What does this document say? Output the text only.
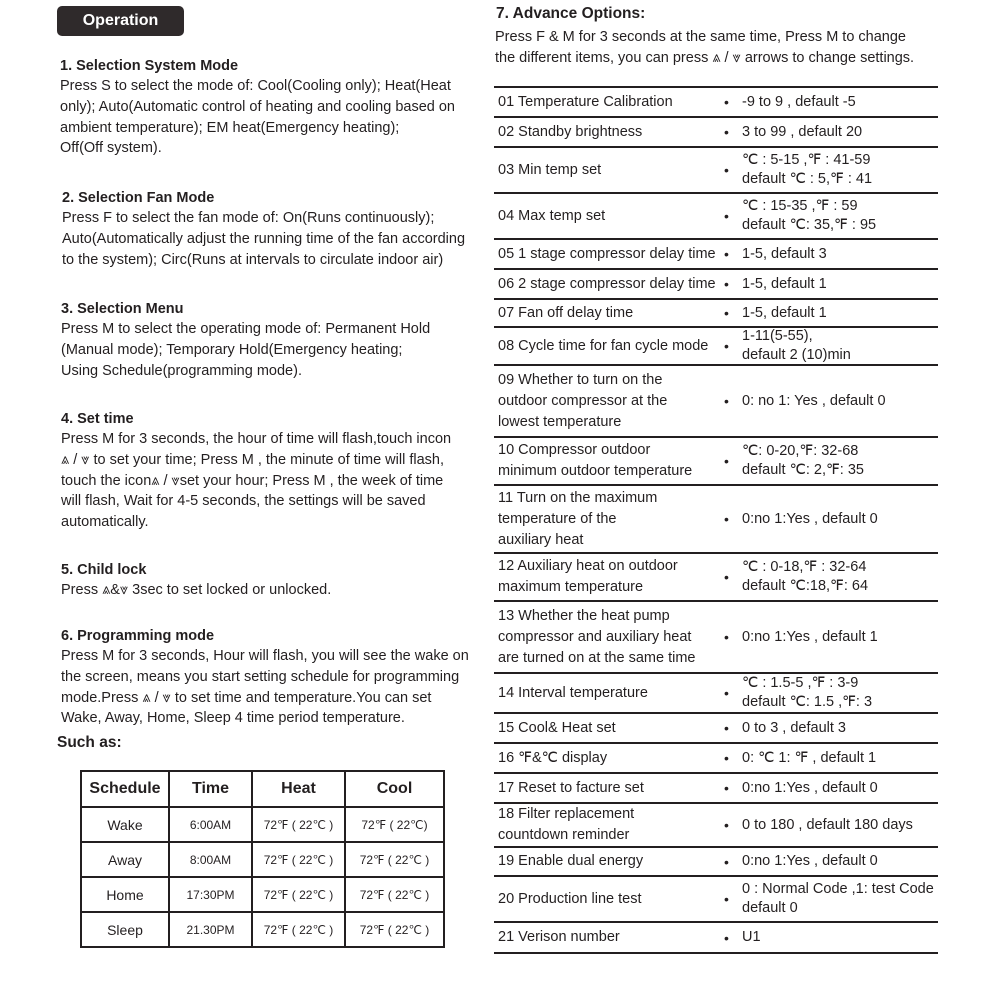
Operation
1. Selection System Mode
Press S to select the mode of: Cool(Cooling only); Heat(Heat
only); Auto(Automatic control of heating and cooling based on
ambient temperature); EM heat(Emergency heating);
Off(Off system).
2. Selection Fan Mode
Press F to select the fan mode of: On(Runs continuously);
Auto(Automatically adjust the running time of the fan according
to the system); Circ(Runs at intervals to circulate indoor air)
3. Selection Menu
Press M to select the operating mode of: Permanent Hold
(Manual mode); Temporary Hold(Emergency heating;
Using Schedule(programming mode).
4. Set time
Press M for 3 seconds, the hour of time will flash,touch incon
⩓ / ⩔ to set your time; Press M , the minute of time will flash,
touch the icon⩓ / ⩔set your hour; Press M , the week of time
will flash, Wait for 4-5 seconds, the settings will be saved
automatically.
5. Child lock
Press ⩓&⩔ 3sec to set locked or unlocked.
6. Programming mode
Press M for 3 seconds, Hour will flash, you will see the wake on
the screen, means you start setting schedule for programming
mode.Press ⩓ / ⩔ to set time and temperature.You can set
Wake, Away, Home, Sleep 4 time period temperature.
Such as:
Schedule	Time	Heat	Cool
Wake	6:00AM	72℉ ( 22℃ )	72℉ ( 22℃)
Away	8:00AM	72℉ ( 22℃ )	72℉ ( 22℃ )
Home	17:30PM	72℉ ( 22℃ )	72℉ ( 22℃ )
Sleep	21.30PM	72℉ ( 22℃ )	72℉ ( 22℃ )
7. Advance Options:
Press F & M for 3 seconds at the same time, Press M to change
the different items, you can press ⩓ / ⩔ arrows to change settings.
01 Temperature Calibration	• -9 to 9 , default -5
02 Standby brightness	• 3 to 99 , default 20
03 Min temp set	•
℃ : 5-15 ,℉ : 41-59
default ℃ : 5,℉ : 41
04 Max temp set	•
℃ : 15-35 ,℉ : 59
default ℃: 35,℉ : 95
05 1 stage compressor delay time • 1-5, default 3
06 2 stage compressor delay time • 1-5, default 1
07 Fan off delay time	• 1-5, default 1
08 Cycle time for fan cycle mode •
1-11(5-55),
default 2 (10)min
09 Whether to turn on the
outdoor compressor at the
lowest temperature
• 0: no 1: Yes , default 0
10 Compressor outdoor
minimum outdoor temperature
•
℃: 0-20,℉: 32-68
default ℃: 2,℉: 35
11 Turn on the maximum
temperature of the
auxiliary heat
• 0:no 1:Yes , default 0
12 Auxiliary heat on outdoor
maximum temperature
•
℃ : 0-18,℉ : 32-64
default ℃:18,℉: 64
13 Whether the heat pump
compressor and auxiliary heat
are turned on at the same time
• 0:no 1:Yes , default 1
14 Interval temperature	•
℃ : 1.5-5 ,℉ : 3-9
default ℃: 1.5 ,℉: 3
15 Cool& Heat set	• 0 to 3 , default 3
16 ℉&℃ display	• 0: ℃ 1: ℉ , default 1
17 Reset to facture set	• 0:no 1:Yes , default 0
18 Filter replacement
countdown reminder
• 0 to 180 , default 180 days
19 Enable dual energy	• 0:no 1:Yes , default 0
20 Production line test	•
0 : Normal Code ,1: test Code
default 0
21 Verison number	• U1
